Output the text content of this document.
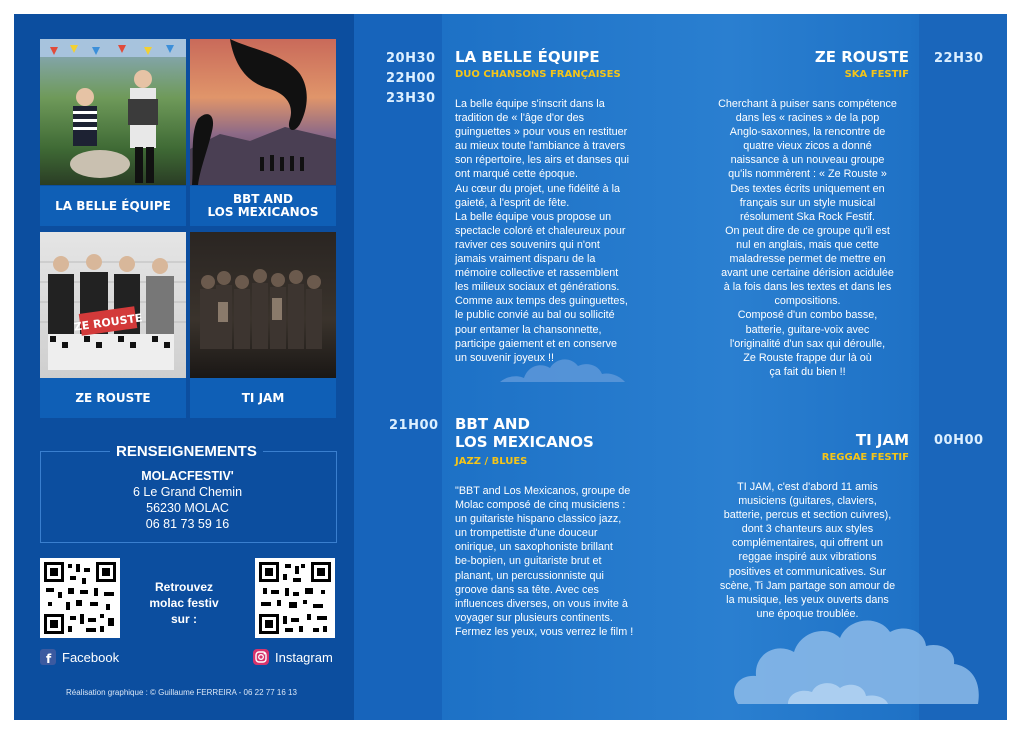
LA BELLE ÉQUIPE	BBT AND
LOS MEXICANOS
ZE ROUSTE
ZE ROUSTE	TI JAM
RENSEIGNEMENTS
MOLACFESTIV'
6 Le Grand Chemin
56230 MOLAC
06 81 73 59 16
Retrouvez
molac festiv
sur :
f Facebook	Instagram
Réalisation graphique : © Guillaume FERREIRA - 06 22 77 16 13
20H30
22H00
23H30
21H00
22H30
00H00
LA BELLE ÉQUIPE
DUO CHANSONS FRANÇAISES
La belle équipe s'inscrit dans la
tradition de « l'âge d'or des
guinguettes » pour vous en restituer
au mieux toute l'ambiance à travers
son répertoire, les airs et danses qui
ont marqué cette époque.
Au cœur du projet, une fidélité à la
gaieté, à l'esprit de fête.
La belle équipe vous propose un
spectacle coloré et chaleureux pour
raviver ces souvenirs qui n'ont
jamais vraiment disparu de la
mémoire collective et rassemblent
les milieux sociaux et générations.
Comme aux temps des guinguettes,
le public convié au bal ou sollicité
pour entamer la chansonnette,
participe gaiement et en conserve
un souvenir joyeux !!
BBT AND
LOS MEXICANOS
JAZZ / BLUES
"BBT and Los Mexicanos, groupe de
Molac composé de cinq musiciens :
un guitariste hispano classico jazz,
un trompettiste d'une douceur
onirique, un saxophoniste brillant
be-bopien, un guitariste brut et
planant, un percussionniste qui
groove dans sa tête. Avec ces
influences diverses, on vous invite à
voyager sur plusieurs continents.
Fermez les yeux, vous verrez le film !
ZE ROUSTE
SKA FESTIF
Cherchant à puiser sans compétence
dans les « racines » de la pop
Anglo-saxonnes, la rencontre de
quatre vieux zicos a donné
naissance à un nouveau groupe
qu'ils nommèrent : « Ze Rouste »
Des textes écrits uniquement en
français sur un style musical
résolument Ska Rock Festif.
On peut dire de ce groupe qu'il est
nul en anglais, mais que cette
maladresse permet de mettre en
avant une certaine dérision acidulée
à la fois dans les textes et dans les
compositions.
Composé d'un combo basse,
batterie, guitare-voix avec
l'originalité d'un sax qui déroulle,
Ze Rouste frappe dur là où
ça fait du bien !!
TI JAM
REGGAE FESTIF
TI JAM, c'est d'abord 11 amis
musiciens (guitares, claviers,
batterie, percus et section cuivres),
dont 3 chanteurs aux styles
complémentaires, qui offrent un
reggae inspiré aux vibrations
positives et communicatives. Sur
scène, Ti Jam partage son amour de
la musique, les yeux ouverts dans
une époque troublée.
